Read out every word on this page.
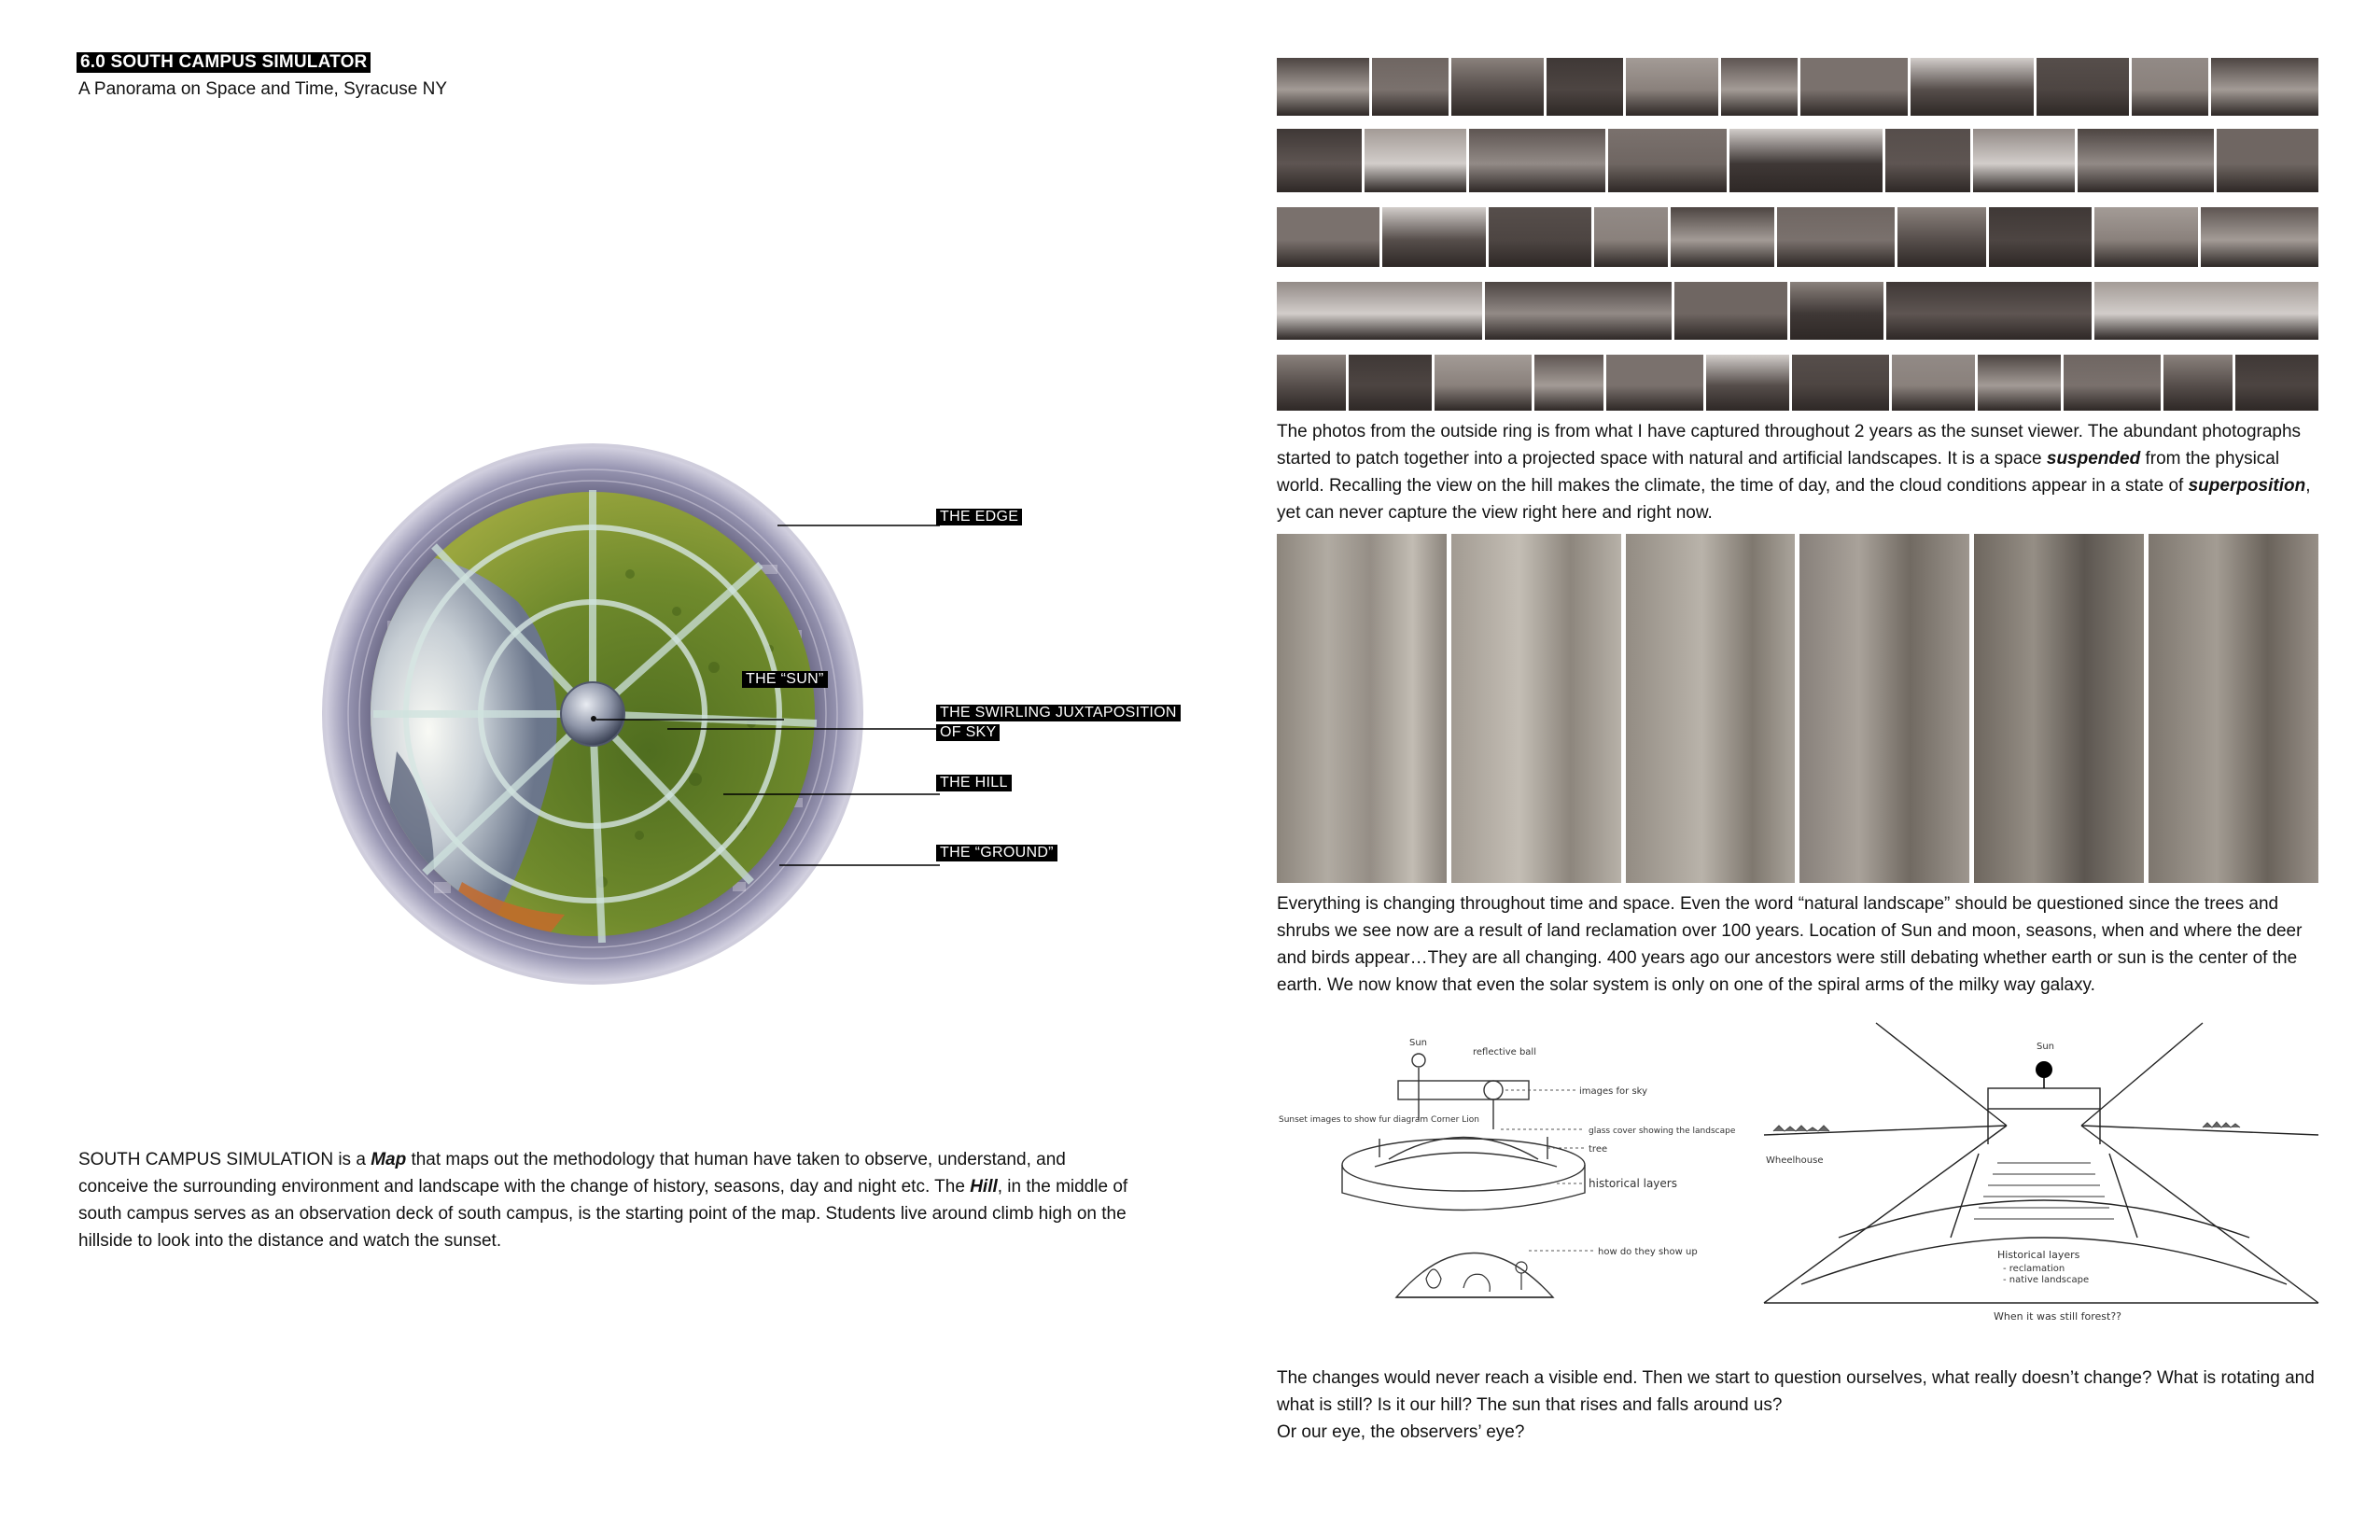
6.0 SOUTH CAMPUS SIMULATOR
A Panorama on Space and Time, Syracuse NY
THE EDGE
THE “SUN”
THE SWIRLING JUXTAPOSITION
OF SKY
THE HILL
THE “GROUND”
SOUTH CAMPUS SIMULATION is a Map that maps out the methodology that human have taken to observe, understand, and conceive the surrounding environment and landscape with the change of history, seasons, day and night etc. The Hill, in the middle of south campus serves as an observation deck of south campus, is the starting point of the map. Students live around climb high on the hillside to look into the distance and watch the sunset.
The photos from the outside ring is from what I have captured throughout 2 years as the sunset viewer. The abundant photographs started to patch together into a projected space with natural and artificial landscapes. It is a space suspended from the physical world. Recalling the view on the hill makes the climate, the time of day, and the cloud conditions appear in a state of superposition, yet can never capture the view right here and right now.
Everything is changing throughout time and space. Even the word “natural landscape” should be questioned since the trees and shrubs we see now are a result of land reclamation over 100 years. Location of Sun and moon, seasons, when and where the deer and birds appear…They are all changing. 400 years ago our ancestors were still debating whether earth or sun is the center of the earth. We now know that even the solar system is only on one of the spiral arms of the milky way galaxy.
Sun
Sunset images to show fur diagram Corner Lion
reflective ball
images for sky
glass cover showing the landscape
tree
historical layers
how do they show up
Sun
Wheelhouse
Historical layers
- reclamation
- native landscape
When it was still forest??
The changes would never reach a visible end. Then we start to question ourselves, what really doesn’t change? What is rotating and what is still? Is it our hill? The sun that rises and falls around us?
Or our eye, the observers’ eye?
